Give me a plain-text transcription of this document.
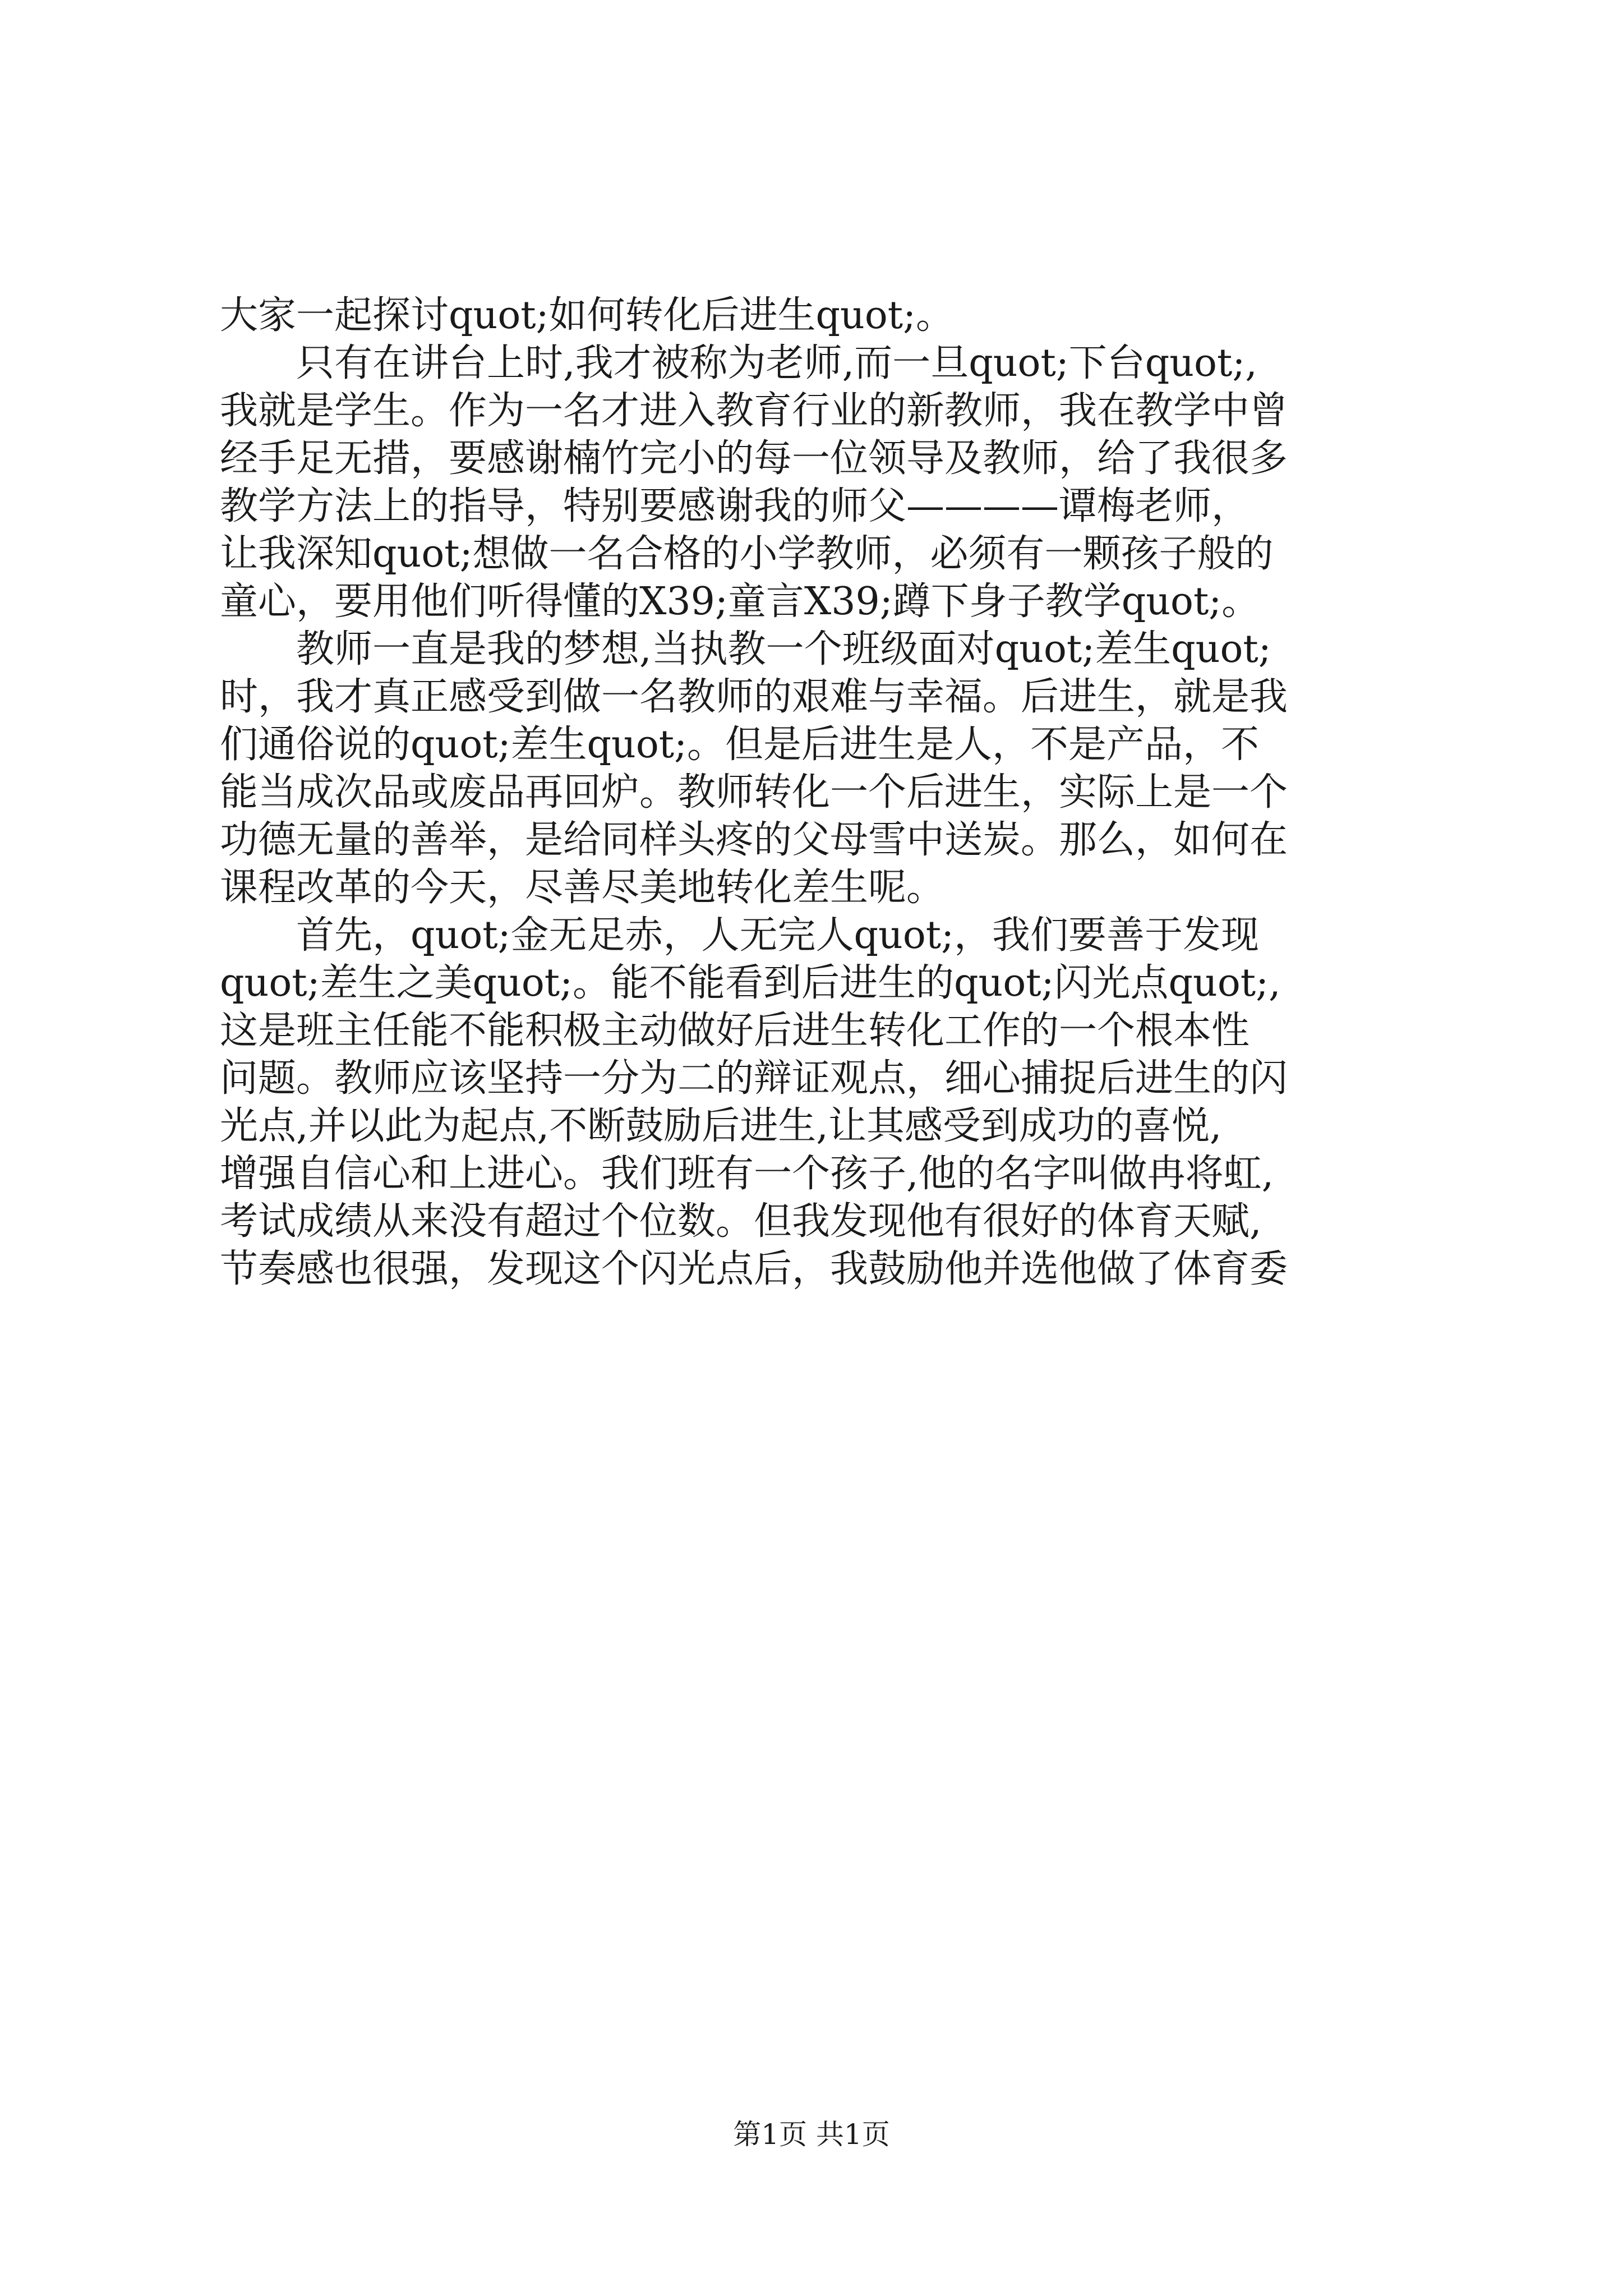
大家一起探讨quot;如何转化后进生quot;。
只有在讲台上时,我才被称为老师,而一旦quot;下台quot;,
我就是学生。作为一名才进入教育行业的新教师，我在教学中曾
经手足无措，要感谢楠竹完小的每一位领导及教师，给了我很多
教学方法上的指导，特别要感谢我的师父————谭梅老师，
让我深知quot;想做一名合格的小学教师，必须有一颗孩子般的
童心，要用他们听得懂的X39;童言X39;蹲下身子教学quot;。
教师一直是我的梦想,当执教一个班级面对quot;差生quot;
时，我才真正感受到做一名教师的艰难与幸福。后进生，就是我
们通俗说的quot;差生quot;。但是后进生是人，不是产品，不
能当成次品或废品再回炉。教师转化一个后进生，实际上是一个
功德无量的善举，是给同样头疼的父母雪中送炭。那么，如何在
课程改革的今天，尽善尽美地转化差生呢。
首先，quot;金无足赤，人无完人quot;，我们要善于发现
quot;差生之美quot;。能不能看到后进生的quot;闪光点quot;,
这是班主任能不能积极主动做好后进生转化工作的一个根本性
问题。教师应该坚持一分为二的辩证观点，细心捕捉后进生的闪
光点,并以此为起点,不断鼓励后进生,让其感受到成功的喜悦,
增强自信心和上进心。我们班有一个孩子,他的名字叫做冉将虹,
考试成绩从来没有超过个位数。但我发现他有很好的体育天赋,
节奏感也很强，发现这个闪光点后，我鼓励他并选他做了体育委
第1页 共1页
